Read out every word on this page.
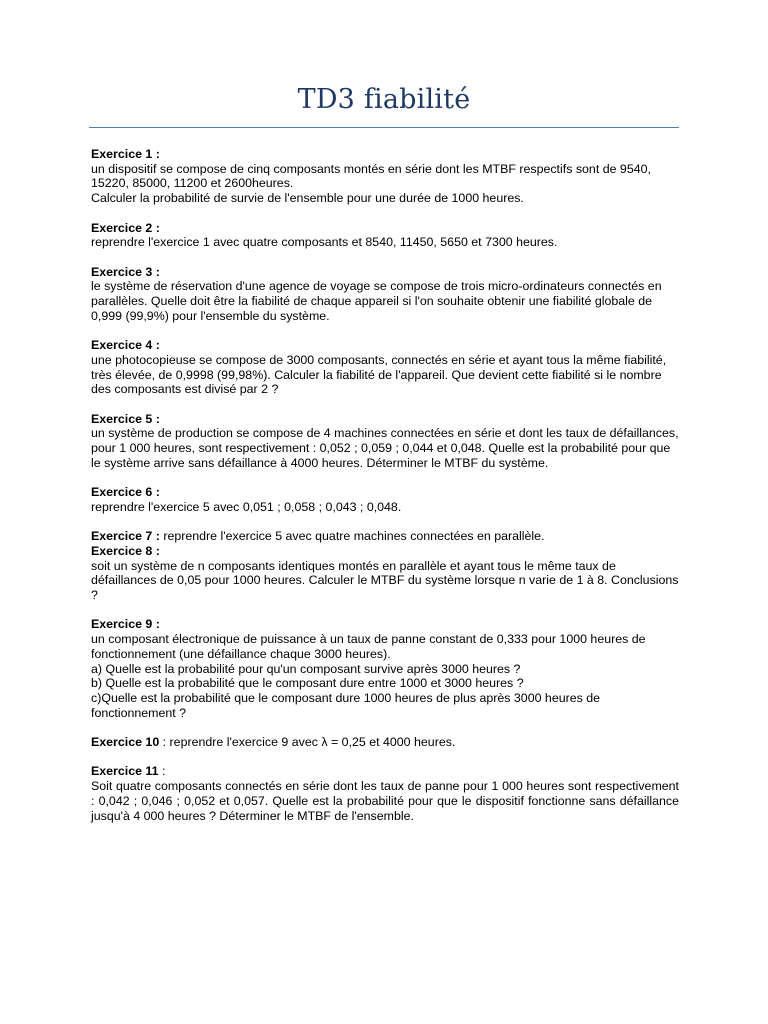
TD3 fiabilité

Exercice 1 :

un dispositif se compose de cinq composants montés en série dont les MTBF respectifs sont de 9540, 15220, 85000, 11200 et 2600heures.

Calculer la probabilité de survie de l'ensemble pour une durée de 1000 heures.

Exercice 2 :

reprendre l'exercice 1 avec quatre composants et 8540, 11450, 5650 et 7300 heures.

Exercice 3 :

le système de réservation d'une agence de voyage se compose de trois micro-ordinateurs connectés en parallèles. Quelle doit être la fiabilité de chaque appareil si l'on souhaite obtenir une fiabilité globale de 0,999 (99,9%) pour l'ensemble du système.

Exercice 4 :

une photocopieuse se compose de 3000 composants, connectés en série et ayant tous la même fiabilité, très élevée, de 0,9998 (99,98%). Calculer la fiabilité de l'appareil. Que devient cette fiabilité si le nombre des composants est divisé par 2 ?

Exercice 5 :

un système de production se compose de 4 machines connectées en série et dont les taux de défaillances, pour 1 000 heures, sont respectivement : 0,052 ; 0,059 ; 0,044 et 0,048. Quelle est la probabilité pour que le système arrive sans défaillance à 4000 heures. Déterminer le MTBF du système.

Exercice 6 :

reprendre l'exercice 5 avec 0,051 ; 0,058 ; 0,043 ; 0,048.

Exercice 7 : reprendre l'exercice 5 avec quatre machines connectées en parallèle.

Exercice 8 :

soit un système de n composants identiques montés en parallèle et ayant tous le même taux de défaillances de 0,05 pour 1000 heures. Calculer le MTBF du système lorsque n varie de 1 à 8. Conclusions ?

Exercice 9 :

un composant électronique de puissance à un taux de panne constant de 0,333 pour 1000 heures de fonctionnement (une défaillance chaque 3000 heures).

a) Quelle est la probabilité pour qu'un composant survive après 3000 heures ?

b) Quelle est la probabilité que le composant dure entre 1000 et 3000 heures ?

c)Quelle est la probabilité que le composant dure 1000 heures de plus après 3000 heures de fonctionnement ?

Exercice 10 : reprendre l'exercice 9 avec λ = 0,25 et 4000 heures.

Exercice 11 :

Soit quatre composants connectés en série dont les taux de panne pour 1 000 heures sont respectivement : 0,042 ; 0,046 ; 0,052 et 0,057. Quelle est la probabilité pour que le dispositif fonctionne sans défaillance jusqu'à 4 000 heures ? Déterminer le MTBF de l'ensemble.
